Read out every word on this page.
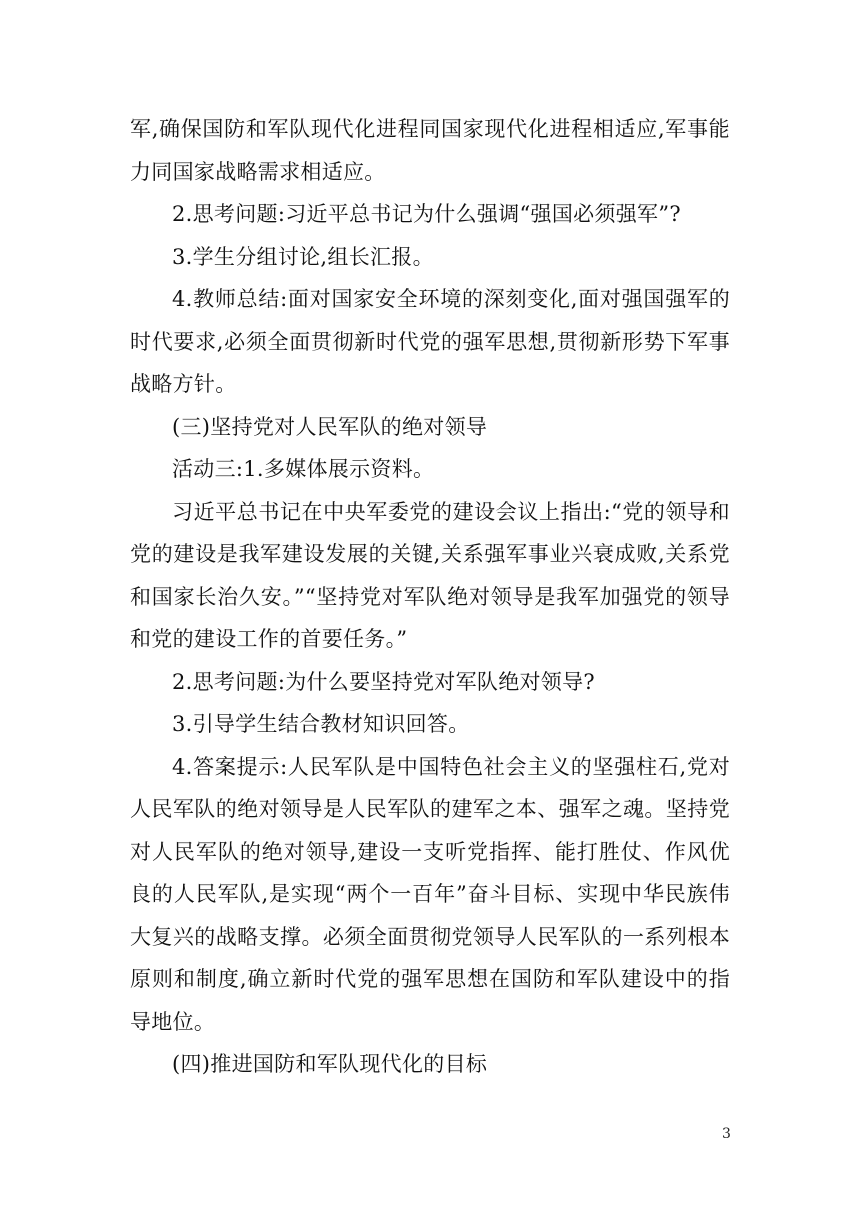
军,确保国防和军队现代化进程同国家现代化进程相适应,军事能力同国家战略需求相适应。

2.思考问题:习近平总书记为什么强调“强国必须强军”?

3.学生分组讨论,组长汇报。

4.教师总结:面对国家安全环境的深刻变化,面对强国强军的时代要求,必须全面贯彻新时代党的强军思想,贯彻新形势下军事战略方针。

(三)坚持党对人民军队的绝对领导

活动三:1.多媒体展示资料。

习近平总书记在中央军委党的建设会议上指出:“党的领导和党的建设是我军建设发展的关键,关系强军事业兴衰成败,关系党和国家长治久安。”“坚持党对军队绝对领导是我军加强党的领导和党的建设工作的首要任务。”

2.思考问题:为什么要坚持党对军队绝对领导?

3.引导学生结合教材知识回答。

4.答案提示:人民军队是中国特色社会主义的坚强柱石,党对人民军队的绝对领导是人民军队的建军之本、强军之魂。坚持党对人民军队的绝对领导,建设一支听党指挥、能打胜仗、作风优良的人民军队,是实现“两个一百年”奋斗目标、实现中华民族伟大复兴的战略支撑。必须全面贯彻党领导人民军队的一系列根本原则和制度,确立新时代党的强军思想在国防和军队建设中的指导地位。

(四)推进国防和军队现代化的目标

3
